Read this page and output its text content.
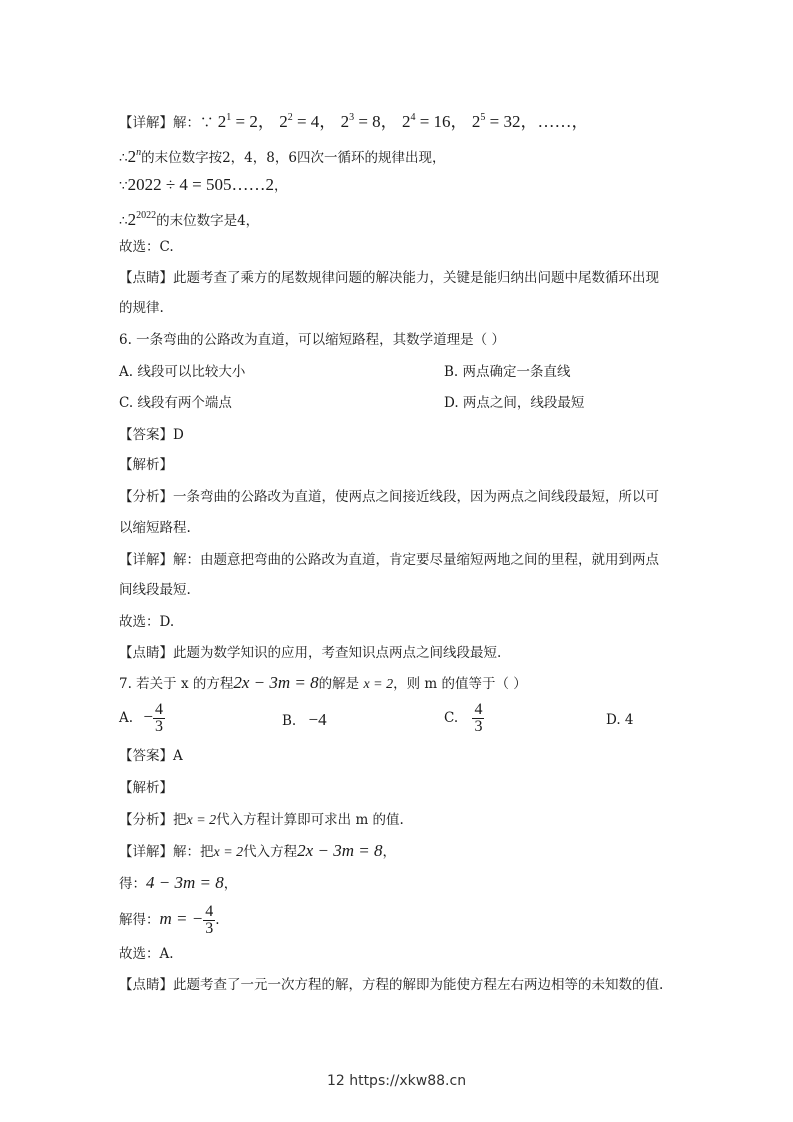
【详解】解：∵ $2^1 = 2$， $2^2 = 4$， $2^3 = 8$， $2^4 = 16$， $2^5 = 32$，……，
∴2$^n$的末位数字按2，4，8，6四次一循环的规律出现，
∵2022 ÷ 4 = 505……2，
$\therefore 2^{2022}$的末位数字是4，
故选：C.
【点睛】此题考查了乘方的尾数规律问题的解决能力，关键是能归纳出问题中尾数循环出现
的规律.
6. 一条弯曲的公路改为直道，可以缩短路程，其数学道理是（ ）
A. 线段可以比较大小	B. 两点确定一条直线
C. 线段有两个端点	D. 两点之间，线段最短
【答案】D
【解析】
【分析】一条弯曲的公路改为直道，使两点之间接近线段，因为两点之间线段最短，所以可
以缩短路程.
【详解】解：由题意把弯曲的公路改为直道，肯定要尽量缩短两地之间的里程，就用到两点
间线段最短.
故选：D.
【点睛】此题为数学知识的应用，考查知识点两点之间线段最短.
7. 若关于 x 的方程2x − 3m = 8的解是 x = 2，则 m 的值等于（ ）
A. − $\frac{4}{3}$	B. −4	C. $\frac{4}{3}$	D. 4
【答案】A
【解析】
【分析】把x = 2代入方程计算即可求出 m 的值.
【详解】解：把x = 2代入方程2x − 3m = 8，
得：4 − 3m = 8，
解得：m = − $\frac{4}{3}$ .
故选：A.
【点睛】此题考查了一元一次方程的解，方程的解即为能使方程左右两边相等的未知数的值.
12 https://xkw88.cn
